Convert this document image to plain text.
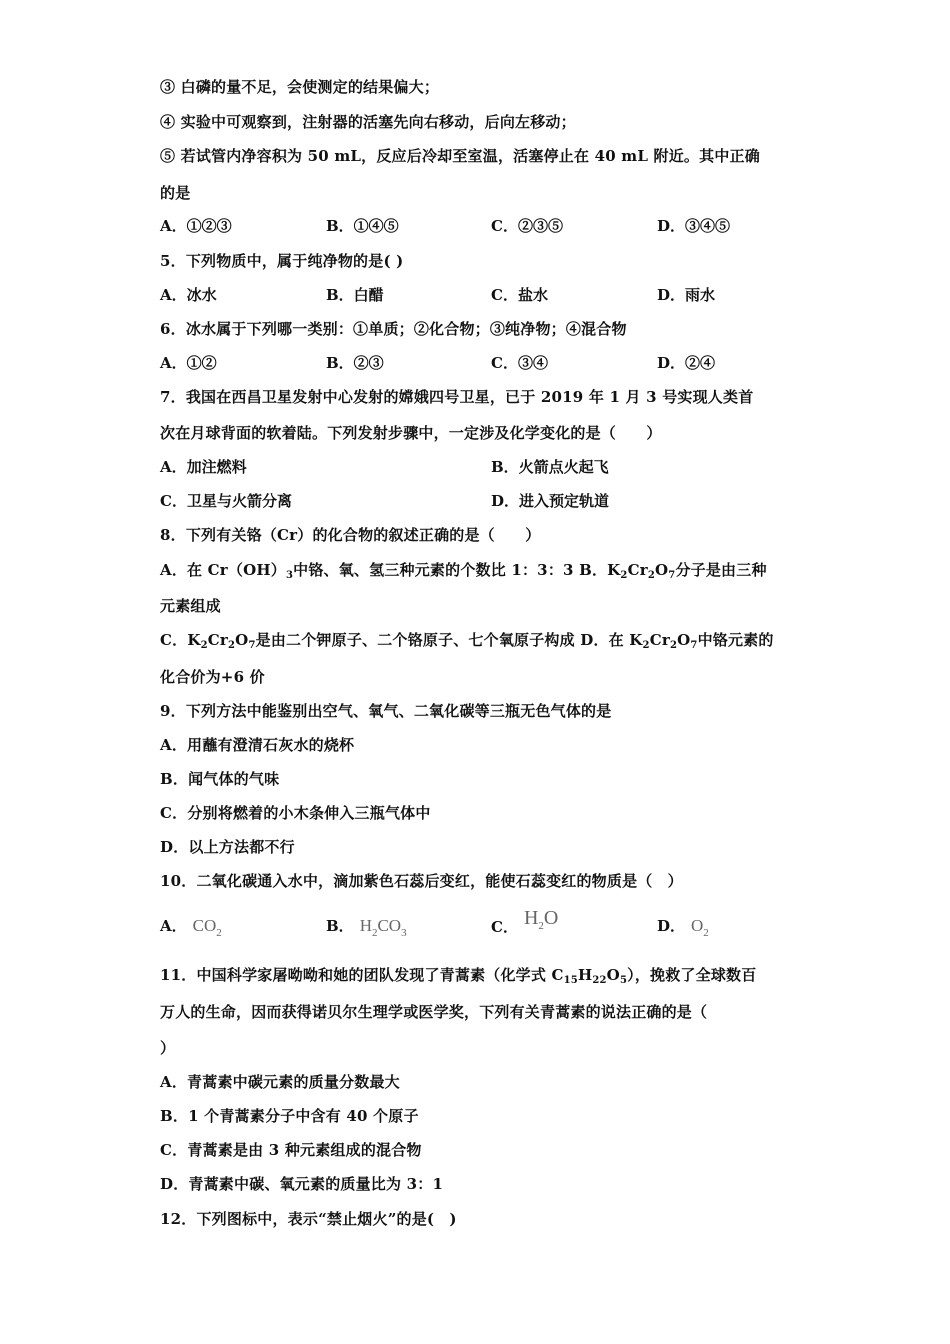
③ 白磷的量不足，会使测定的结果偏大；
④ 实验中可观察到，注射器的活塞先向右移动，后向左移动；
⑤ 若试管内净容积为 50 mL，反应后冷却至室温，活塞停止在 40 mL 附近。其中正确
的是
A．①②③	B．①④⑤	C．②③⑤	D．③④⑤
5．下列物质中，属于纯净物的是( )
A．冰水	B．白醋	C．盐水	D．雨水
6．冰水属于下列哪一类别：①单质；②化合物；③纯净物；④混合物
A．①②	B．②③	C．③④	D．②④
7．我国在西昌卫星发射中心发射的嫦娥四号卫星，已于 2019 年 1 月 3 号实现人类首
次在月球背面的软着陆。下列发射步骤中，一定涉及化学变化的是（　　）
A．加注燃料	B．火箭点火起飞
C．卫星与火箭分离	D．进入预定轨道
8．下列有关铬（Cr）的化合物的叙述正确的是（　　）
A．在 $Cr(OH)_3$中铬、氧、氢三种元素的个数比 1：3：3 B．$K_2Cr_2O_7$分子是由三种
元素组成
C．$K_2Cr_2O_7$是由二个钾原子、二个铬原子、七个氧原子构成 D．在 $K_2Cr_2O_7$中铬元素的
化合价为+6 价
9．下列方法中能鉴别出空气、氧气、二氧化碳等三瓶无色气体的是
A．用蘸有澄清石灰水的烧杯
B．闻气体的气味
C．分别将燃着的小木条伸入三瓶气体中
D．以上方法都不行
10．二氧化碳通入水中，滴加紫色石蕊后变红，能使石蕊变红的物质是（　）
A． $CO_2$	B． $H_2CO_3$	C． $H_2O$	D． $O_2$
11．中国科学家屠呦呦和她的团队发现了青蒿素（化学式 $C_{15}H_{22}O_5$），挽救了全球数百
万人的生命，因而获得诺贝尔生理学或医学奖，下列有关青蒿素的说法正确的是（
）
A．青蒿素中碳元素的质量分数最大
B．1 个青蒿素分子中含有 40 个原子
C．青蒿素是由 3 种元素组成的混合物
D．青蒿素中碳、氧元素的质量比为 3：1
12．下列图标中，表示“禁止烟火”的是(　)
